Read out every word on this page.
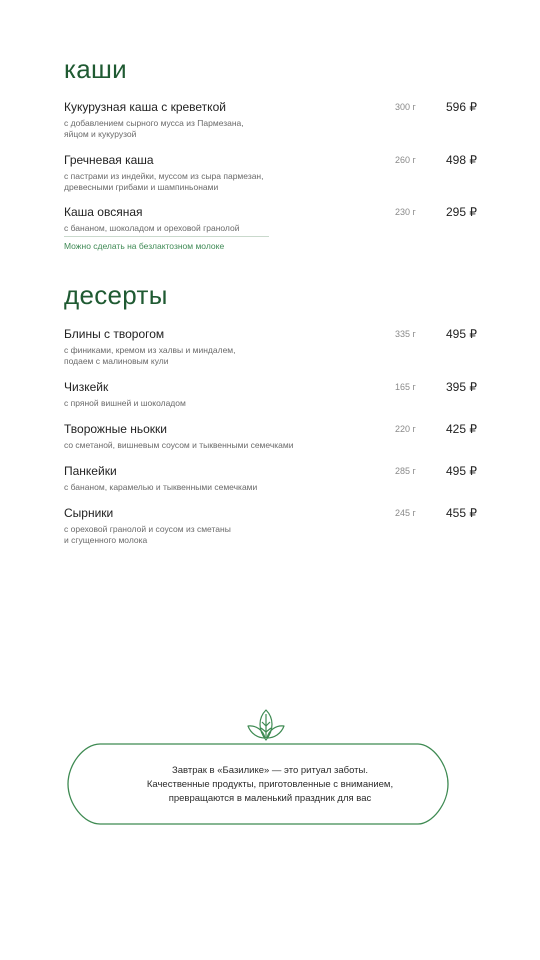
каши
Кукурузная каша с креветкой
с добавлением сырного мусса из Пармезана,
яйцом и кукурузой
300 г	596 ₽
Гречневая каша
с пастрами из индейки, муссом из сыра пармезан,
древесными грибами и шампиньонами
260 г	498 ₽
Каша овсяная
с бананом, шоколадом и ореховой гранолой
230 г	295 ₽
Можно сделать на безлактозном молоке
десерты
Блины с творогом
с финиками, кремом из халвы и миндалем,
подаем с малиновым кули
335 г	495 ₽
Чизкейк
с пряной вишней и шоколадом
165 г	395 ₽
Творожные ньокки
со сметаной, вишневым соусом и тыквенными семечками
220 г	425 ₽
Панкейки
с бананом, карамелью и тыквенными семечками
285 г	495 ₽
Сырники
с ореховой гранолой и соусом из сметаны
и сгущенного молока
245 г	455 ₽
Завтрак в «Базилике» — это ритуал заботы.
Качественные продукты, приготовленные с вниманием,
превращаются в маленький праздник для вас
